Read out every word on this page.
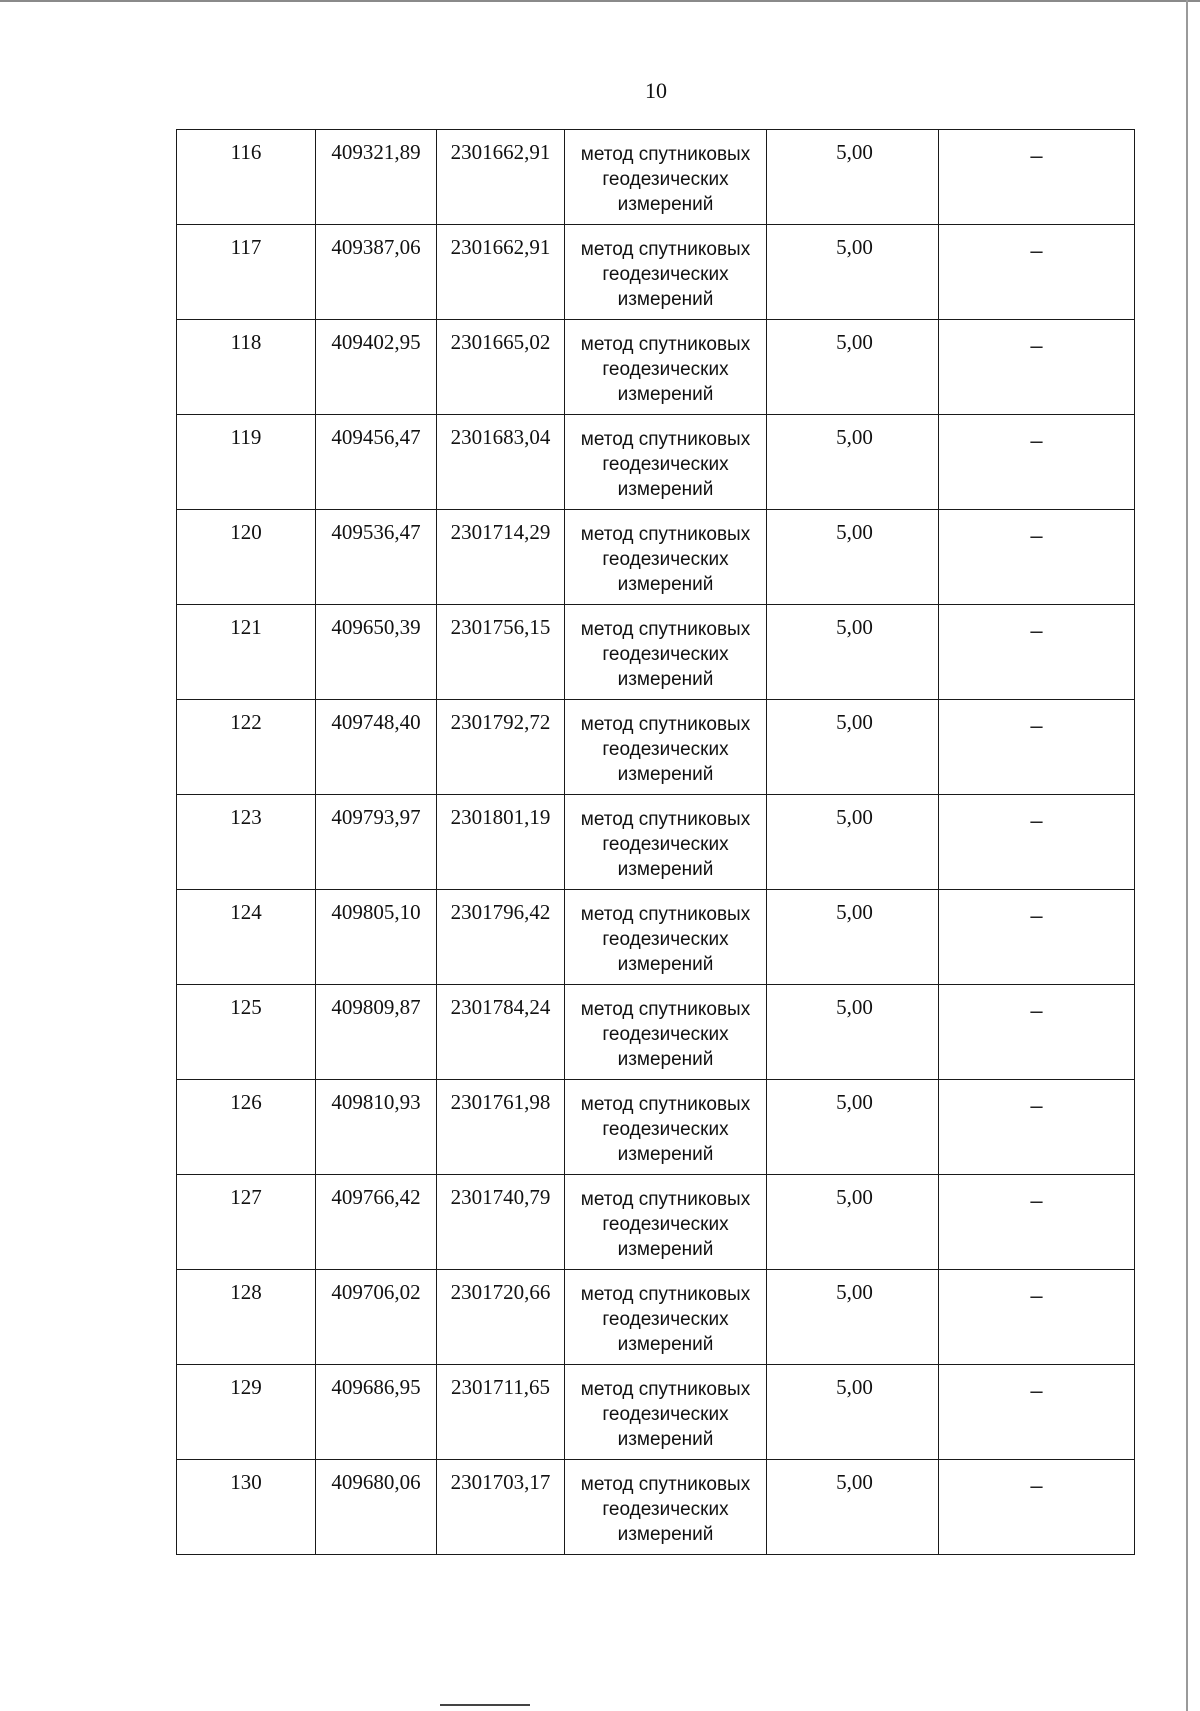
10
116	409321,89	2301662,91	метод спутниковых геодезических измерений	5,00	–
117	409387,06	2301662,91	метод спутниковых геодезических измерений	5,00	–
118	409402,95	2301665,02	метод спутниковых геодезических измерений	5,00	–
119	409456,47	2301683,04	метод спутниковых геодезических измерений	5,00	–
120	409536,47	2301714,29	метод спутниковых геодезических измерений	5,00	–
121	409650,39	2301756,15	метод спутниковых геодезических измерений	5,00	–
122	409748,40	2301792,72	метод спутниковых геодезических измерений	5,00	–
123	409793,97	2301801,19	метод спутниковых геодезических измерений	5,00	–
124	409805,10	2301796,42	метод спутниковых геодезических измерений	5,00	–
125	409809,87	2301784,24	метод спутниковых геодезических измерений	5,00	–
126	409810,93	2301761,98	метод спутниковых геодезических измерений	5,00	–
127	409766,42	2301740,79	метод спутниковых геодезических измерений	5,00	–
128	409706,02	2301720,66	метод спутниковых геодезических измерений	5,00	–
129	409686,95	2301711,65	метод спутниковых геодезических измерений	5,00	–
130	409680,06	2301703,17	метод спутниковых геодезических измерений	5,00	–
